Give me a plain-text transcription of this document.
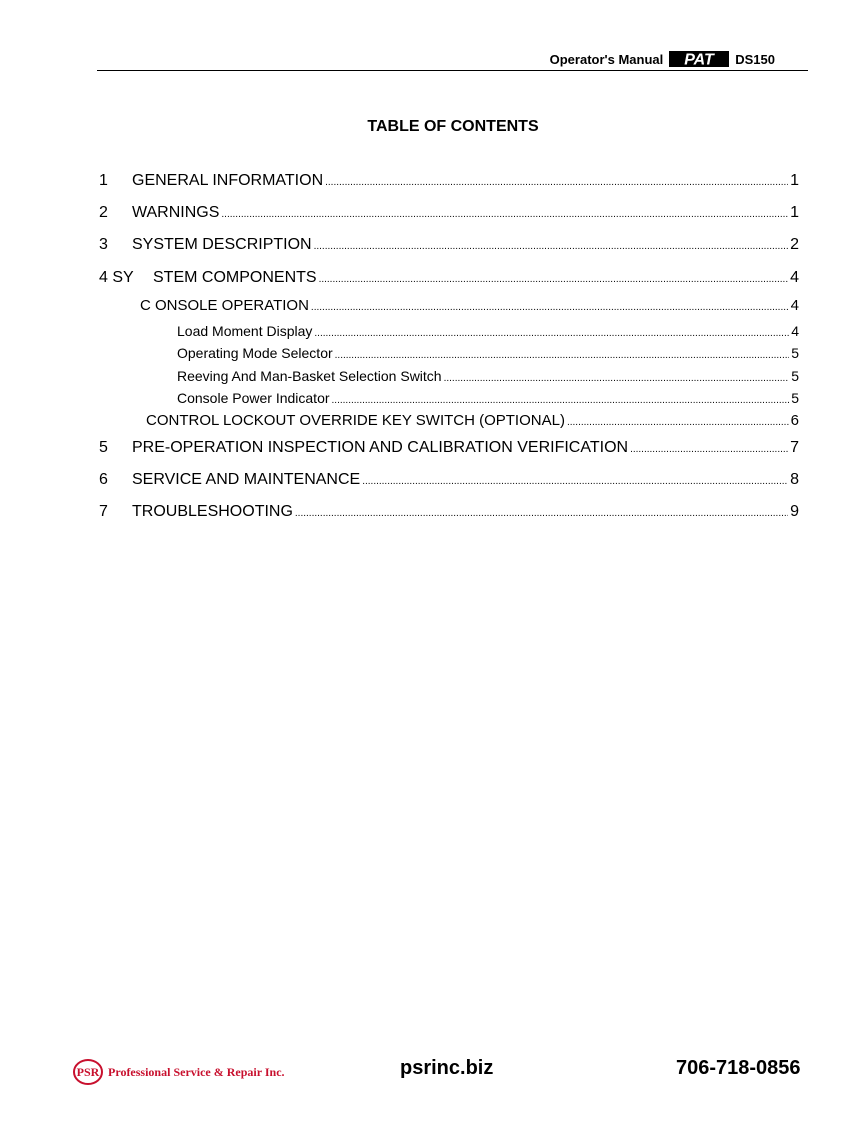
Operator's Manual PAT DS150
TABLE OF CONTENTS
1	GENERAL INFORMATION .....	1
2	WARNINGS .....	1
3	SYSTEM DESCRIPTION .....	2
4 SY	STEM COMPONENTS .....	4
C ONSOLE OPERATION .....	4
Load Moment Display .....	4
Operating Mode Selector .....	5
Reeving And Man-Basket Selection Switch .....	5
Console Power Indicator .....	5
CONTROL LOCKOUT OVERRIDE KEY SWITCH (OPTIONAL) .....	6
5	PRE-OPERATION INSPECTION AND CALIBRATION VERIFICATION .....	7
6	SERVICE AND MAINTENANCE .....	8
7	TROUBLESHOOTING .....	9
PSR Professional Service & Repair Inc.	psrinc.biz	706-718-0856
